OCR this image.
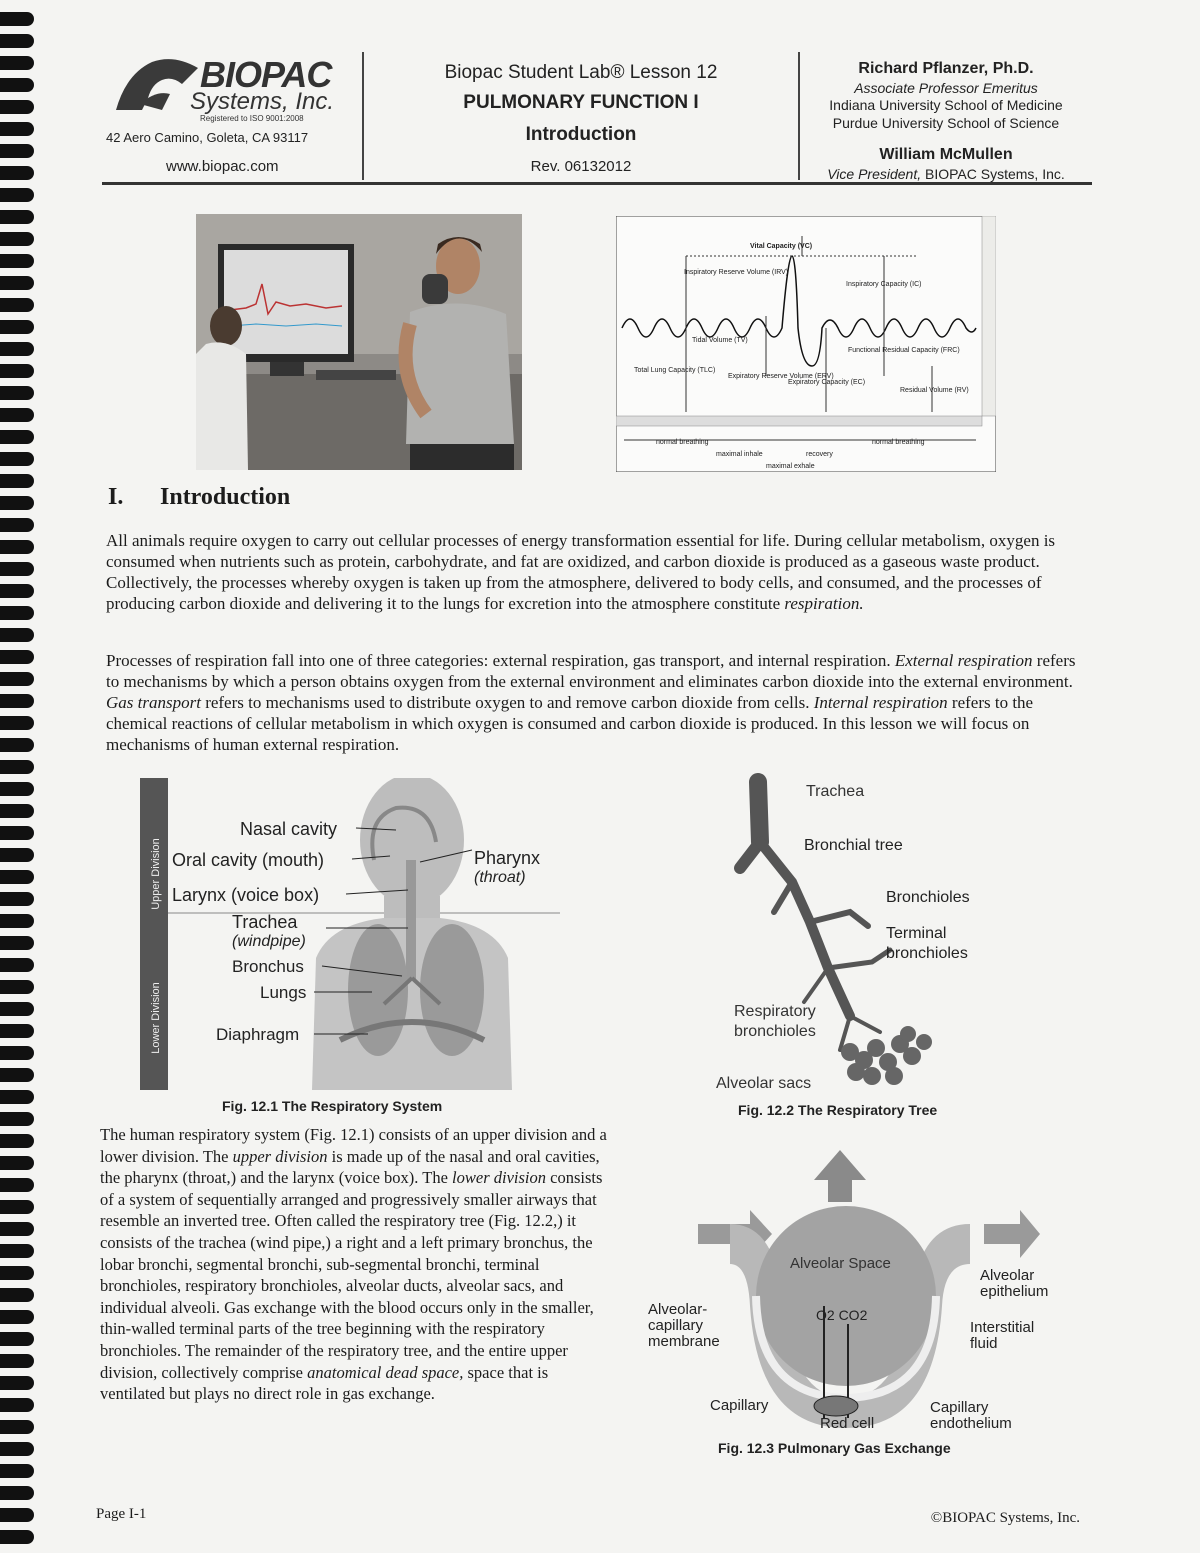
BIOPAC
Systems, Inc.
Registered to ISO 9001:2008
42 Aero Camino, Goleta, CA 93117
www.biopac.com
Biopac Student Lab® Lesson 12
PULMONARY FUNCTION I
Introduction
Rev. 06132012
Richard Pflanzer, Ph.D.
Associate Professor Emeritus
Indiana University School of Medicine
Purdue University School of Science
William McMullen
Vice President, BIOPAC Systems, Inc.
Vital Capacity (VC)
Inspiratory Reserve Volume (IRV)
Inspiratory Capacity (IC)
Tidal Volume (TV)
Functional Residual Capacity (FRC)
Total Lung Capacity (TLC)
Expiratory Reserve Volume (ERV)
Expiratory Capacity (EC)
Residual Volume (RV)
normal breathing	normal breathing
maximal inhale	recovery
maximal exhale
I. Introduction
All animals require oxygen to carry out cellular processes of energy transformation essential for life. During cellular metabolism, oxygen is consumed when nutrients such as protein, carbohydrate, and fat are oxidized, and carbon dioxide is produced as a gaseous waste product. Collectively, the processes whereby oxygen is taken up from the atmosphere, delivered to body cells, and consumed, and the processes of producing carbon dioxide and delivering it to the lungs for excretion into the atmosphere constitute respiration.
Processes of respiration fall into one of three categories: external respiration, gas transport, and internal respiration. External respiration refers to mechanisms by which a person obtains oxygen from the external environment and eliminates carbon dioxide into the external environment. Gas transport refers to mechanisms used to distribute oxygen to and remove carbon dioxide from cells. Internal respiration refers to the chemical reactions of cellular metabolism in which oxygen is consumed and carbon dioxide is produced. In this lesson we will focus on mechanisms of human external respiration.
Upper Division
Lower Division
Nasal cavity
Oral cavity (mouth)	Pharynx
(throat)
Larynx (voice box)
Trachea
(windpipe)
Bronchus
Lungs
Diaphragm
Fig. 12.1 The Respiratory System
Trachea
Bronchial tree
Bronchioles
Terminal
bronchioles
Respiratory
bronchioles
Alveolar sacs
Fig. 12.2 The Respiratory Tree
The human respiratory system (Fig. 12.1) consists of an upper division and a lower division. The upper division is made up of the nasal and oral cavities, the pharynx (throat,) and the larynx (voice box). The lower division consists of a system of sequentially arranged and progressively smaller airways that resemble an inverted tree. Often called the respiratory tree (Fig. 12.2,) it consists of the trachea (wind pipe,) a right and a left primary bronchus, the lobar bronchi, segmental bronchi, sub-segmental bronchi, terminal bronchioles, respiratory bronchioles, alveolar ducts, alveolar sacs, and individual alveoli. Gas exchange with the blood occurs only in the smaller, thin-walled terminal parts of the tree beginning with the respiratory bronchioles. The remainder of the respiratory tree, and the entire upper division, collectively comprise anatomical dead space, space that is ventilated but plays no direct role in gas exchange.
Alveolar Space
O2 CO2
Alveolar
epithelium
Alveolar-
capillary
membrane
Interstitial
fluid
Capillary
Red cell
Capillary
endothelium
Fig. 12.3 Pulmonary Gas Exchange
Page I-1	©BIOPAC Systems, Inc.
